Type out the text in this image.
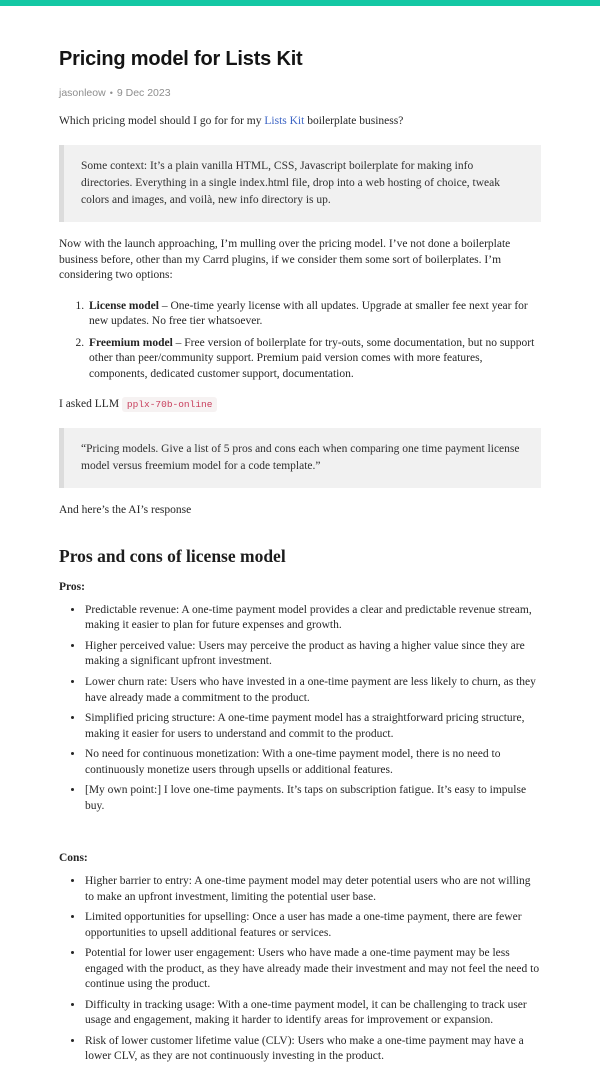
Pricing model for Lists Kit
jasonleow • 9 Dec 2023

Which pricing model should I go for for my Lists Kit boilerplate business?

Some context: It’s a plain vanilla HTML, CSS, Javascript boilerplate for making info directories. Everything in a single index.html file, drop into a web hosting of choice, tweak colors and images, and voilà, new info directory is up.

Now with the launch approaching, I’m mulling over the pricing model. I’ve not done a boilerplate business before, other than my Carrd plugins, if we consider them some sort of boilerplates. I’m considering two options:

1. License model – One-time yearly license with all updates. Upgrade at smaller fee next year for new updates. No free tier whatsoever.
2. Freemium model – Free version of boilerplate for try-outs, some documentation, but no support other than peer/community support. Premium paid version comes with more features, components, dedicated customer support, documentation.

I asked LLM pplx-70b-online

“Pricing models. Give a list of 5 pros and cons each when comparing one time payment license model versus freemium model for a code template.”

And here’s the AI’s response

Pros and cons of license model

Pros:

• Predictable revenue: A one-time payment model provides a clear and predictable revenue stream, making it easier to plan for future expenses and growth.
• Higher perceived value: Users may perceive the product as having a higher value since they are making a significant upfront investment.
• Lower churn rate: Users who have invested in a one-time payment are less likely to churn, as they have already made a commitment to the product.
• Simplified pricing structure: A one-time payment model has a straightforward pricing structure, making it easier for users to understand and commit to the product.
• No need for continuous monetization: With a one-time payment model, there is no need to continuously monetize users through upsells or additional features.
• [My own point:] I love one-time payments. It’s taps on subscription fatigue. It’s easy to impulse buy.

Cons:

• Higher barrier to entry: A one-time payment model may deter potential users who are not willing to make an upfront investment, limiting the potential user base.
• Limited opportunities for upselling: Once a user has made a one-time payment, there are fewer opportunities to upsell additional features or services.
• Potential for lower user engagement: Users who have made a one-time payment may be less engaged with the product, as they have already made their investment and may not feel the need to continue using the product.
• Difficulty in tracking usage: With a one-time payment model, it can be challenging to track user usage and engagement, making it harder to identify areas for improvement or expansion.
• Risk of lower customer lifetime value (CLV): Users who make a one-time payment may have a lower CLV, as they are not continuously investing in the product.
